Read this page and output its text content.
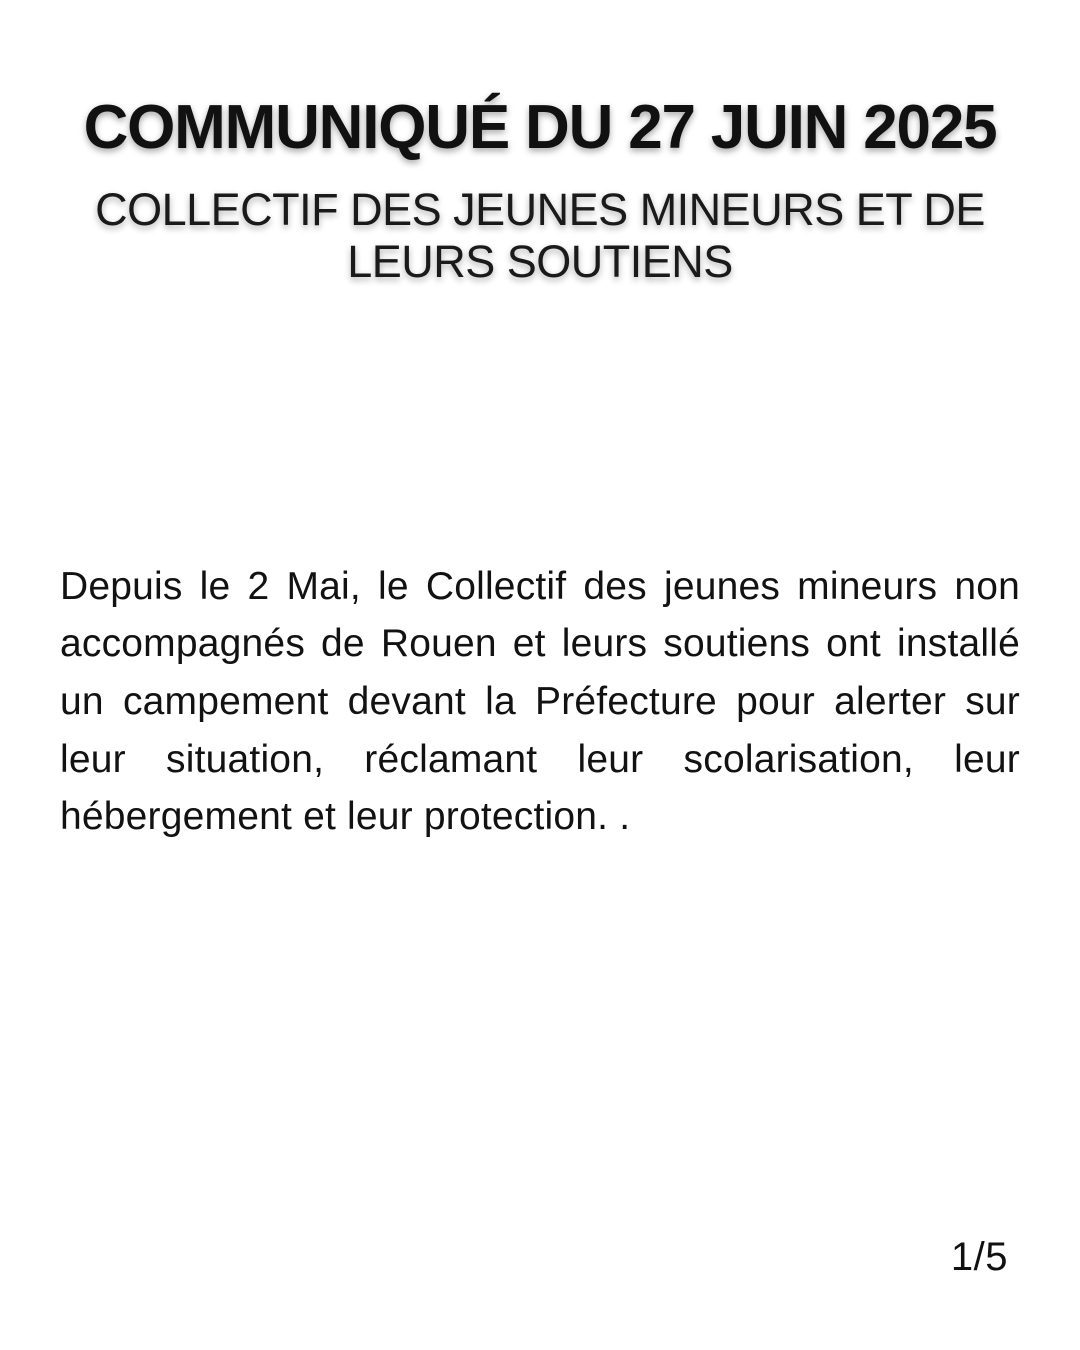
COMMUNIQUÉ DU 27 JUIN 2025
COLLECTIF DES JEUNES MINEURS ET DE LEURS SOUTIENS

Depuis le 2 Mai, le Collectif des jeunes mineurs non accompagnés de Rouen et leurs soutiens ont installé un campement devant la Préfecture pour alerter sur leur situation, réclamant leur scolarisation, leur hébergement et leur protection. .

1/5
